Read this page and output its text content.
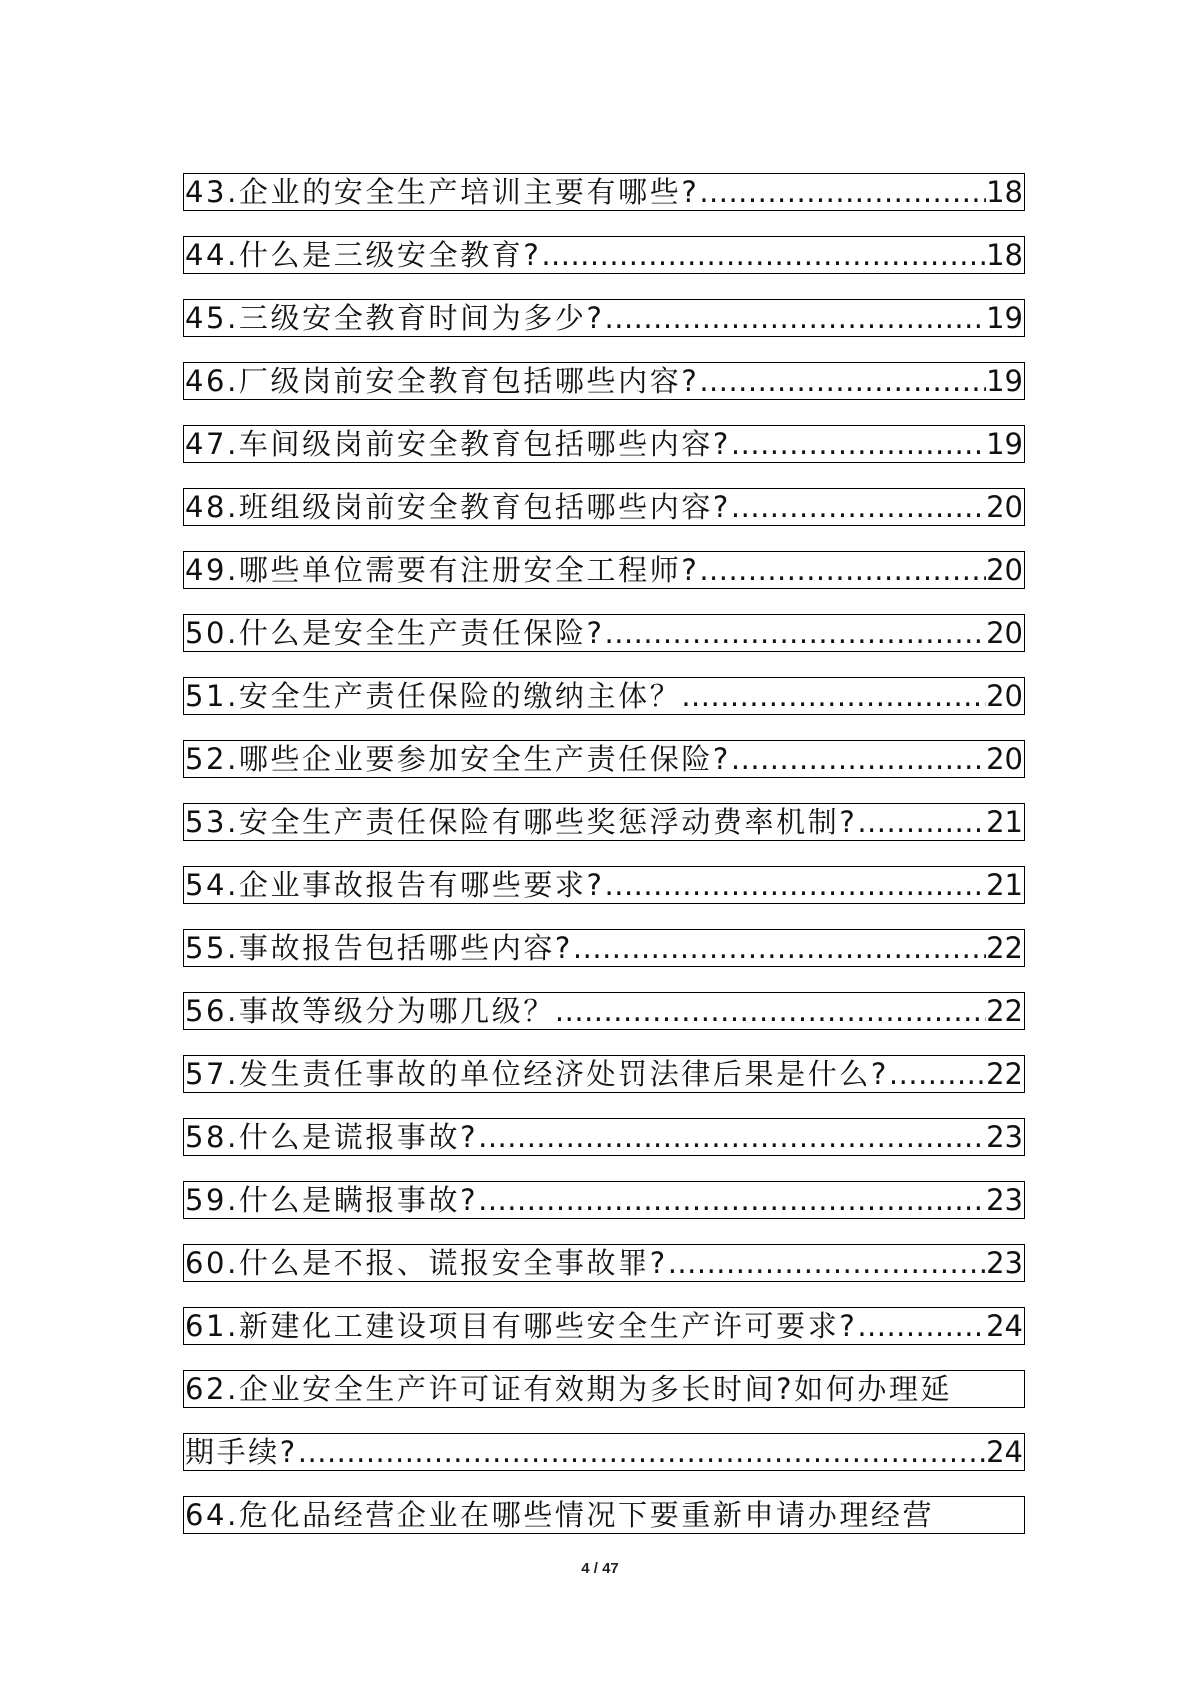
43.企业的安全生产培训主要有哪些? .....	18
44.什么是三级安全教育? .....	18
45.三级安全教育时间为多少? .....	19
46.厂级岗前安全教育包括哪些内容? .....	19
47.车间级岗前安全教育包括哪些内容? .....	19
48.班组级岗前安全教育包括哪些内容? .....	20
49.哪些单位需要有注册安全工程师? .....	20
50.什么是安全生产责任保险? .....	20
51.安全生产责任保险的缴纳主体？ .....	20
52.哪些企业要参加安全生产责任保险? .....	20
53.安全生产责任保险有哪些奖惩浮动费率机制? .....	21
54.企业事故报告有哪些要求? .....	21
55.事故报告包括哪些内容? .....	22
56.事故等级分为哪几级？ .....	22
57.发生责任事故的单位经济处罚法律后果是什么? .....	22
58.什么是谎报事故? .....	23
59.什么是瞒报事故? .....	23
60.什么是不报、谎报安全事故罪? .....	23
61.新建化工建设项目有哪些安全生产许可要求? .....	24
62.企业安全生产许可证有效期为多长时间?如何办理延
期手续? .....	24
64.危化品经营企业在哪些情况下要重新申请办理经营
4 / 47
